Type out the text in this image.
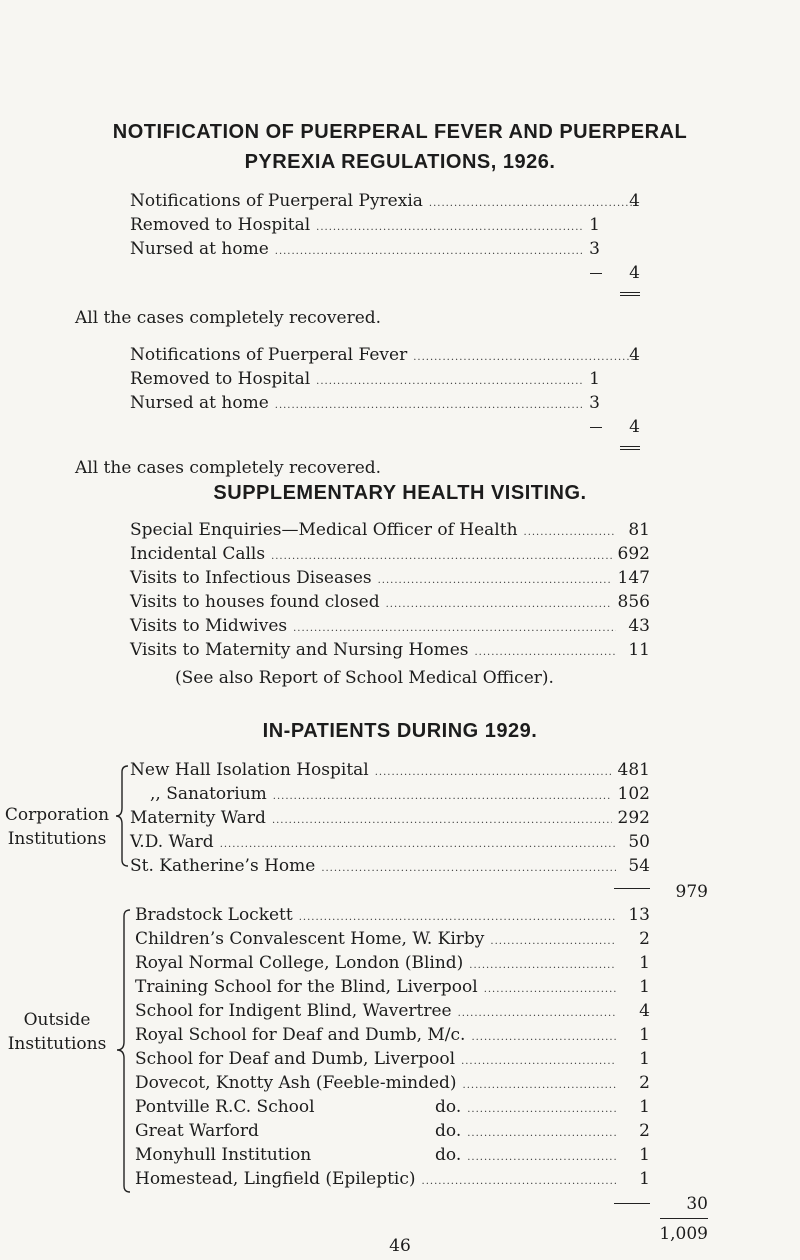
NOTIFICATION OF PUERPERAL FEVER AND PUERPERAL
PYREXIA REGULATIONS, 1926.
Notifications of Puerperal Pyrexia .....	4
Removed to Hospital .....	1
Nursed at home .....	3
4
All the cases completely recovered.
Notifications of Puerperal Fever .....	4
Removed to Hospital .....	1
Nursed at home .....	3
4
All the cases completely recovered.
SUPPLEMENTARY HEALTH VISITING.
Special Enquiries—Medical Officer of Health .....	81
Incidental Calls .....	692
Visits to Infectious Diseases .....	147
Visits to houses found closed .....	856
Visits to Midwives .....	43
Visits to Maternity and Nursing Homes .....	11
(See also Report of School Medical Officer).
IN-PATIENTS DURING 1929.
Corporation
Institutions
New Hall Isolation Hospital .....	481
,, Sanatorium .....	102
Maternity Ward .....	292
V.D. Ward .....	50
St. Katherine’s Home .....	54
979
Outside
Institutions
Bradstock Lockett .....	13
Children’s Convalescent Home, W. Kirby .....	2
Royal Normal College, London (Blind) .....	1
Training School for the Blind, Liverpool .....	1
School for Indigent Blind, Wavertree .....	4
Royal School for Deaf and Dumb, M/c. .....	1
School for Deaf and Dumb, Liverpool .....	1
Dovecot, Knotty Ash (Feeble-minded) .....	2
Pontville R.C. School	do. .....	1
Great Warford	do. .....	2
Monyhull Institution	do. .....	1
Homestead, Lingfield (Epileptic) .....	1
30
1,009
46
